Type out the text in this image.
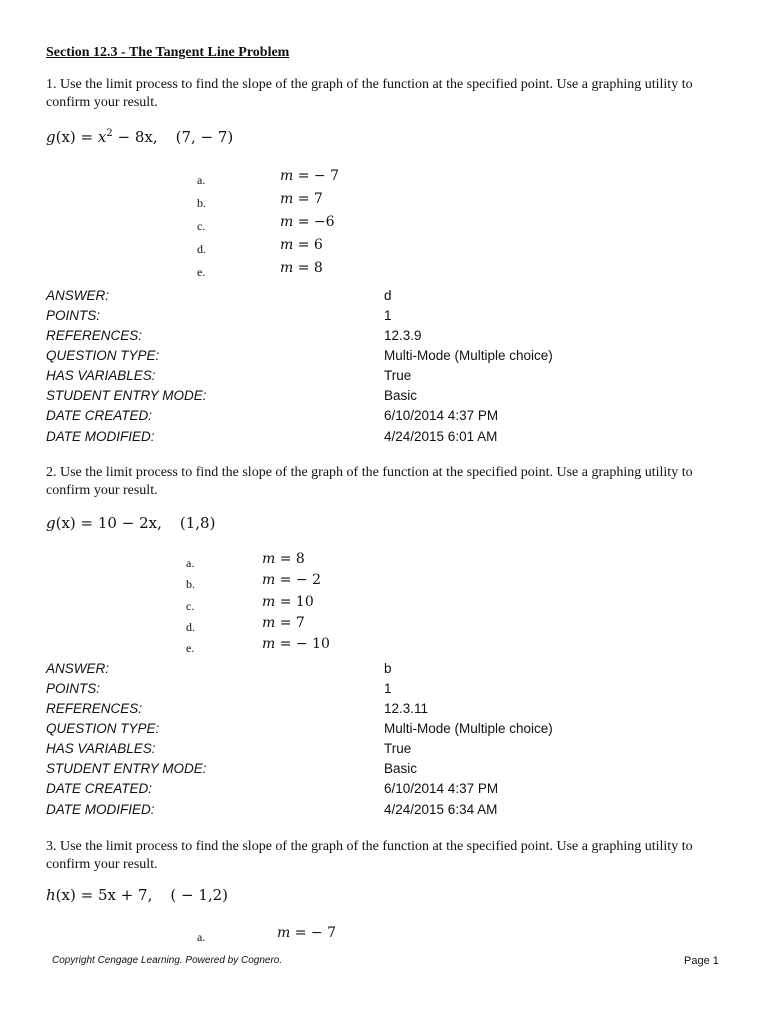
Section 12.3 - The Tangent Line Problem
1. Use the limit process to find the slope of the graph of the function at the specified point. Use a graphing utility to confirm your result.
$g(x) = x^2 - 8x$, (7, − 7)
a.	m = − 7
b.	m = 7
c.	m = −6
d.	m = 6
e.	m = 8
ANSWER:	d
POINTS:	1
REFERENCES:	12.3.9
QUESTION TYPE:	Multi-Mode (Multiple choice)
HAS VARIABLES:	True
STUDENT ENTRY MODE:	Basic
DATE CREATED:	6/10/2014 4:37 PM
DATE MODIFIED:	4/24/2015 6:01 AM
2. Use the limit process to find the slope of the graph of the function at the specified point. Use a graphing utility to confirm your result.
g(x) = 10 − 2x, (1,8)
a.	m = 8
b.	m = − 2
c.	m = 10
d.	m = 7
e.	m = − 10
ANSWER:	b
POINTS:	1
REFERENCES:	12.3.11
QUESTION TYPE:	Multi-Mode (Multiple choice)
HAS VARIABLES:	True
STUDENT ENTRY MODE:	Basic
DATE CREATED:	6/10/2014 4:37 PM
DATE MODIFIED:	4/24/2015 6:34 AM
3. Use the limit process to find the slope of the graph of the function at the specified point. Use a graphing utility to confirm your result.
h(x) = 5x + 7, ( − 1,2)
a.	m = − 7
Copyright Cengage Learning. Powered by Cognero.	Page 1
